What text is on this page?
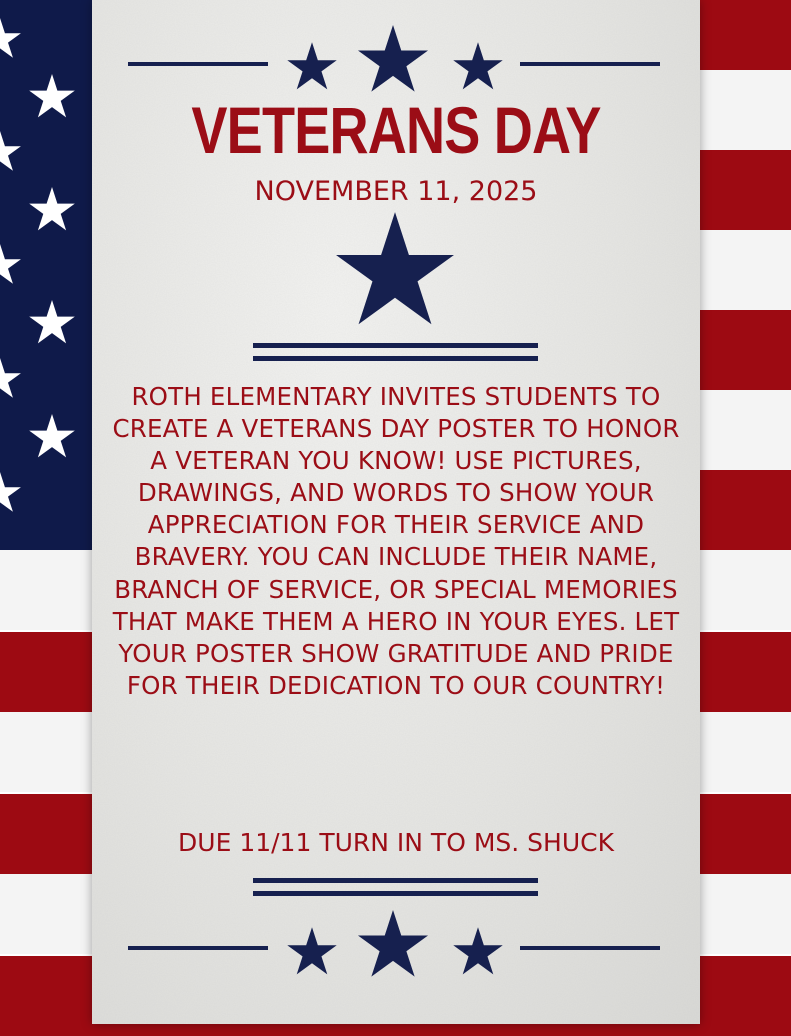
VETERANS DAY
NOVEMBER 11, 2025
ROTH ELEMENTARY INVITES STUDENTS TO CREATE A VETERANS DAY POSTER TO HONOR A VETERAN YOU KNOW! USE PICTURES, DRAWINGS, AND WORDS TO SHOW YOUR APPRECIATION FOR THEIR SERVICE AND BRAVERY. YOU CAN INCLUDE THEIR NAME, BRANCH OF SERVICE, OR SPECIAL MEMORIES THAT MAKE THEM A HERO IN YOUR EYES. LET YOUR POSTER SHOW GRATITUDE AND PRIDE FOR THEIR DEDICATION TO OUR COUNTRY!
DUE 11/11 TURN IN TO MS. SHUCK
